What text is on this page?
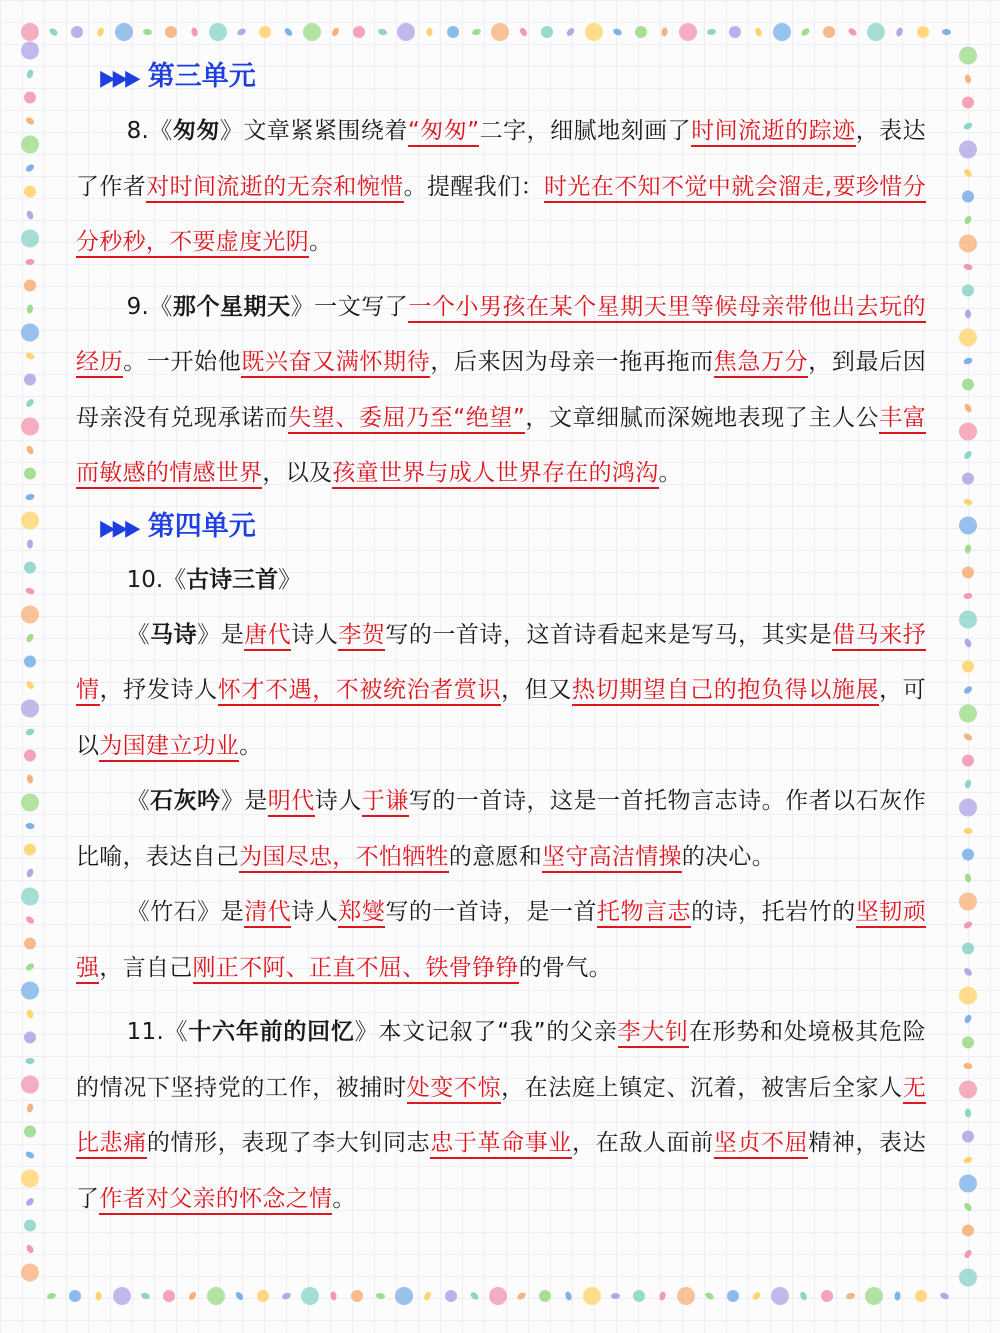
▶▶▶ 第三单元

8.《匆匆》文章紧紧围绕着“匆匆”二字，细腻地刻画了时间流逝的踪迹，表达了作者对时间流逝的无奈和惋惜。提醒我们：时光在不知不觉中就会溜走,要珍惜分分秒秒，不要虚度光阴。

9.《那个星期天》一文写了一个小男孩在某个星期天里等候母亲带他出去玩的经历。一开始他既兴奋又满怀期待，后来因为母亲一拖再拖而焦急万分，到最后因母亲没有兑现承诺而失望、委屈乃至“绝望”，文章细腻而深婉地表现了主人公丰富而敏感的情感世界，以及孩童世界与成人世界存在的鸿沟。

▶▶▶ 第四单元

10.《古诗三首》

《马诗》是唐代诗人李贺写的一首诗，这首诗看起来是写马，其实是借马来抒情，抒发诗人怀才不遇，不被统治者赏识，但又热切期望自己的抱负得以施展，可以为国建立功业。

《石灰吟》是明代诗人于谦写的一首诗，这是一首托物言志诗。作者以石灰作比喻，表达自己为国尽忠，不怕牺牲的意愿和坚守高洁情操的决心。

《竹石》是清代诗人郑燮写的一首诗，是一首托物言志的诗，托岩竹的坚韧顽强，言自己刚正不阿、正直不屈、铁骨铮铮的骨气。

11.《十六年前的回忆》本文记叙了“我”的父亲李大钊在形势和处境极其危险的情况下坚持党的工作，被捕时处变不惊，在法庭上镇定、沉着，被害后全家人无比悲痛的情形，表现了李大钊同志忠于革命事业，在敌人面前坚贞不屈精神，表达了作者对父亲的怀念之情。
